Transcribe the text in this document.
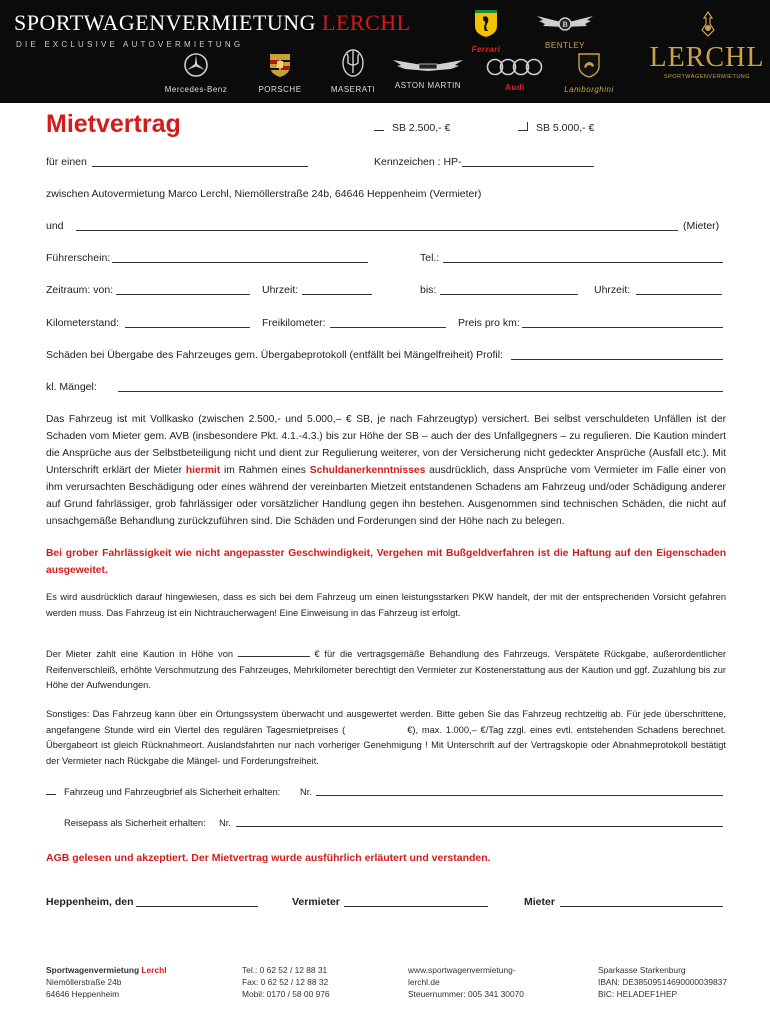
SPORTWAGENVERMIETUNG LERCHL
DIE EXCLUSIVE AUTOVERMIETUNG
Ferrari
B
BENTLEY
Mercedes-Benz	PORSCHE	MASERATI	ASTON MARTIN	Audi	Lamborghini
LERCHL
SPORTWAGENVERMIETUNG
Mietvertrag	SB 2.500,- €	SB 5.000,- €
für einen	Kennzeichen : HP-
zwischen Autovermietung Marco Lerchl, Niemöllerstraße 24b, 64646 Heppenheim (Vermieter)
und	(Mieter)
Führerschein:	Tel.:
Zeitraum: von:	Uhrzeit:	bis:	Uhrzeit:
Kilometerstand:	Freikilometer:	Preis pro km:
Schäden bei Übergabe des Fahrzeuges gem. Übergabeprotokoll (entfällt bei Mängelfreiheit) Profil:
kl. Mängel:
Das Fahrzeug ist mit Vollkasko (zwischen 2.500,- und 5.000,– € SB, je nach Fahrzeugtyp) versichert. Bei selbst verschuldeten Unfällen ist der Schaden vom Mieter gem. AVB (insbesondere Pkt. 4.1.-4.3.) bis zur Höhe der SB – auch der des Unfallgegners – zu regulieren. Die Kaution mindert die Ansprüche aus der Selbstbeteiligung nicht und dient zur Regulierung weiterer, von der Versicherung nicht gedeckter Ansprüche (Ausfall etc.). Mit Unterschrift erklärt der Mieter hiermit im Rahmen eines Schuldanerkenntnisses ausdrücklich, dass Ansprüche vom Vermieter im Falle einer von ihm verursachten Beschädigung oder eines während der vereinbarten Mietzeit entstandenen Schadens am Fahrzeug und/oder Schädigung anderer auf Grund fahrlässiger, grob fahrlässiger oder vorsätzlicher Handlung gegen ihn bestehen. Ausgenommen sind technischen Schäden, die nicht auf unsachgemäße Behandlung zurückzuführen sind. Die Schäden und Forderungen sind der Höhe nach zu belegen.
Bei grober Fahrlässigkeit wie nicht angepasster Geschwindigkeit, Vergehen mit Bußgeldverfahren ist die Haftung auf den Eigenschaden ausgeweitet.
Es wird ausdrücklich darauf hingewiesen, dass es sich bei dem Fahrzeug um einen leistungsstarken PKW handelt, der mit der entsprechenden Vorsicht gefahren werden muss. Das Fahrzeug ist ein Nichtraucherwagen! Eine Einweisung in das Fahrzeug ist erfolgt.
Der Mieter zahlt eine Kaution in Höhe von	€ für die vertragsgemäße Behandlung des Fahrzeugs. Verspätete Rückgabe, außerordentlicher Reifenverschleiß, erhöhte Verschmutzung des Fahrzeuges, Mehrkilometer berechtigt den Vermieter zur Kostenerstattung aus der Kaution und ggf. Zuzahlung bis zur Höhe der Aufwendungen.
Sonstiges: Das Fahrzeug kann über ein Ortungssystem überwacht und ausgewertet werden. Bitte geben Sie das Fahrzeug rechtzeitig ab. Für jede überschrittene, angefangene Stunde wird ein Viertel des regulären Tagesmietpreises (	€), max. 1.000,– €/Tag zzgl. eines evtl. entstehenden Schadens berechnet. Übergabeort ist gleich Rücknahmeort. Auslandsfahrten nur nach vorheriger Genehmigung ! Mit Unterschrift auf der Vertragskopie oder Abnahmeprotokoll bestätigt der Vermieter nach Rückgabe die Mängel- und Forderungsfreiheit.
Fahrzeug und Fahrzeugbrief als Sicherheit erhalten: Nr.
Reisepass als Sicherheit erhalten: Nr.
AGB gelesen und akzeptiert. Der Mietvertrag wurde ausführlich erläutert und verstanden.
Heppenheim, den	Vermieter	Mieter
Sportwagenvermietung Lerchl
Niemöllerstraße 24b
64646 Heppenheim
Tel.: 0 62 52 / 12 88 31
Fax: 0 62 52 / 12 88 32
Mobil: 0170 / 58 00 976
www.sportwagenvermietung-
lerchl.de
Steuernummer: 005 341 30070
Sparkasse Starkenburg
IBAN: DE38509514690000039837
BIC: HELADEF1HEP
